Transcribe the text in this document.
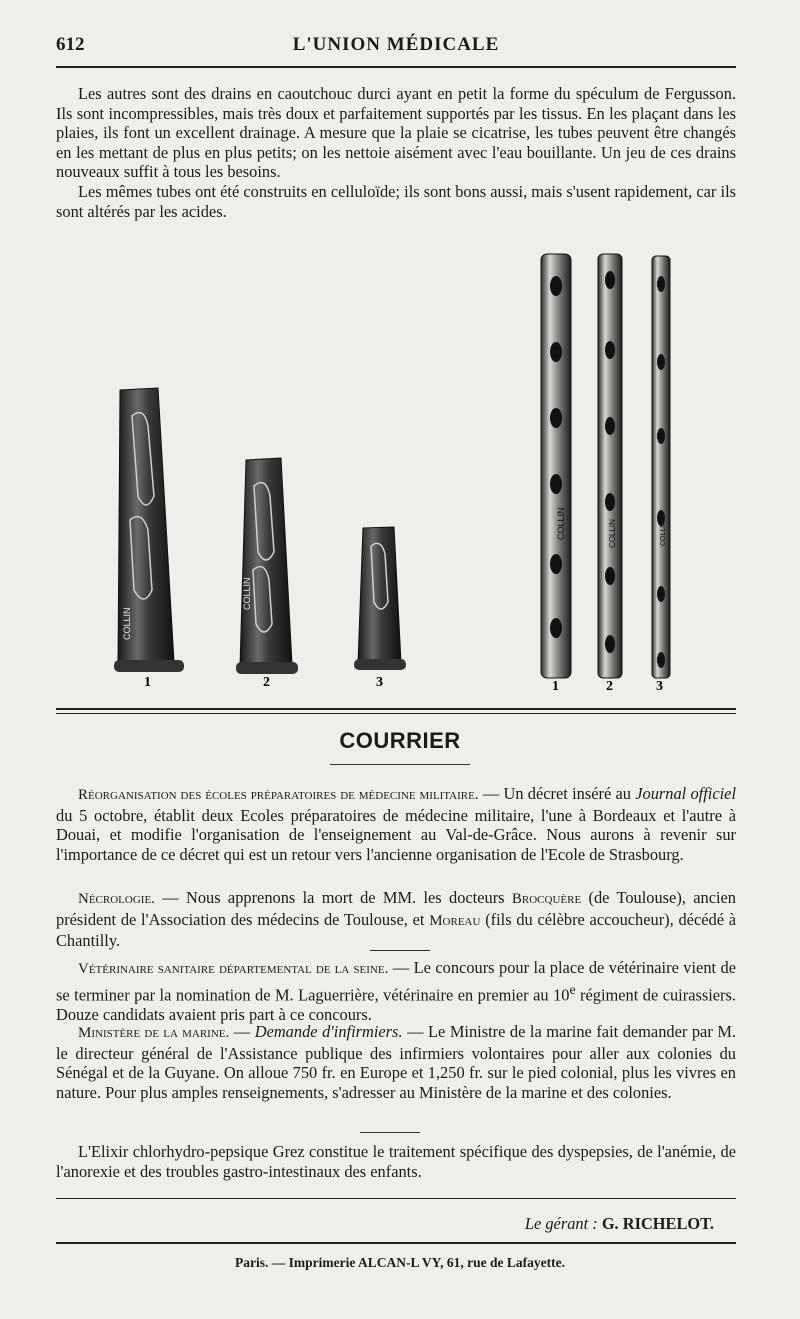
612	L'UNION MÉDICALE

Les autres sont des drains en caoutchouc durci ayant en petit la forme du spéculum de Fergusson. Ils sont incompressibles, mais très doux et parfaitement supportés par les tissus. En les plaçant dans les plaies, ils font un excellent drainage. A mesure que la plaie se cicatrise, les tubes peuvent être changés en les mettant de plus en plus petits; on les nettoie aisément avec l'eau bouillante. Un jeu de ces drains nouveaux suffit à tous les besoins.

Les mêmes tubes ont été construits en celluloïde; ils sont bons aussi, mais s'usent rapidement, car ils sont altérés par les acides.

COLLIN
COLLIN
COLLIN	COLLIN	COLLIN
1	2	3	1	2	3
COURRIER

Réorganisation des écoles préparatoires de médecine militaire. — Un décret inséré au Journal officiel du 5 octobre, établit deux Ecoles préparatoires de médecine militaire, l'une à Bordeaux et l'autre à Douai, et modifie l'organisation de l'enseignement au Val-de-Grâce. Nous aurons à revenir sur l'importance de ce décret qui est un retour vers l'ancienne organisation de l'Ecole de Strasbourg.

Nécrologie. — Nous apprenons la mort de MM. les docteurs Brocquère (de Toulouse), ancien président de l'Association des médecins de Toulouse, et Moreau (fils du célèbre accoucheur), décédé à Chantilly.

Vétérinaire sanitaire départemental de la seine. — Le concours pour la place de vétérinaire vient de se terminer par la nomination de M. Laguerrière, vétérinaire en premier au 10e régiment de cuirassiers. Douze candidats avaient pris part à ce concours.

Ministère de la marine. — Demande d'infirmiers. — Le Ministre de la marine fait demander par M. le directeur général de l'Assistance publique des infirmiers volontaires pour aller aux colonies du Sénégal et de la Guyane. On alloue 750 fr. en Europe et 1,250 fr. sur le pied colonial, plus les vivres en nature. Pour plus amples renseignements, s'adresser au Ministère de la marine et des colonies.

L'Elixir chlorhydro-pepsique Grez constitue le traitement spécifique des dyspepsies, de l'anémie, de l'anorexie et des troubles gastro-intestinaux des enfants.

Le gérant : G. RICHELOT.
Paris. — Imprimerie ALCAN-L VY, 61, rue de Lafayette.
